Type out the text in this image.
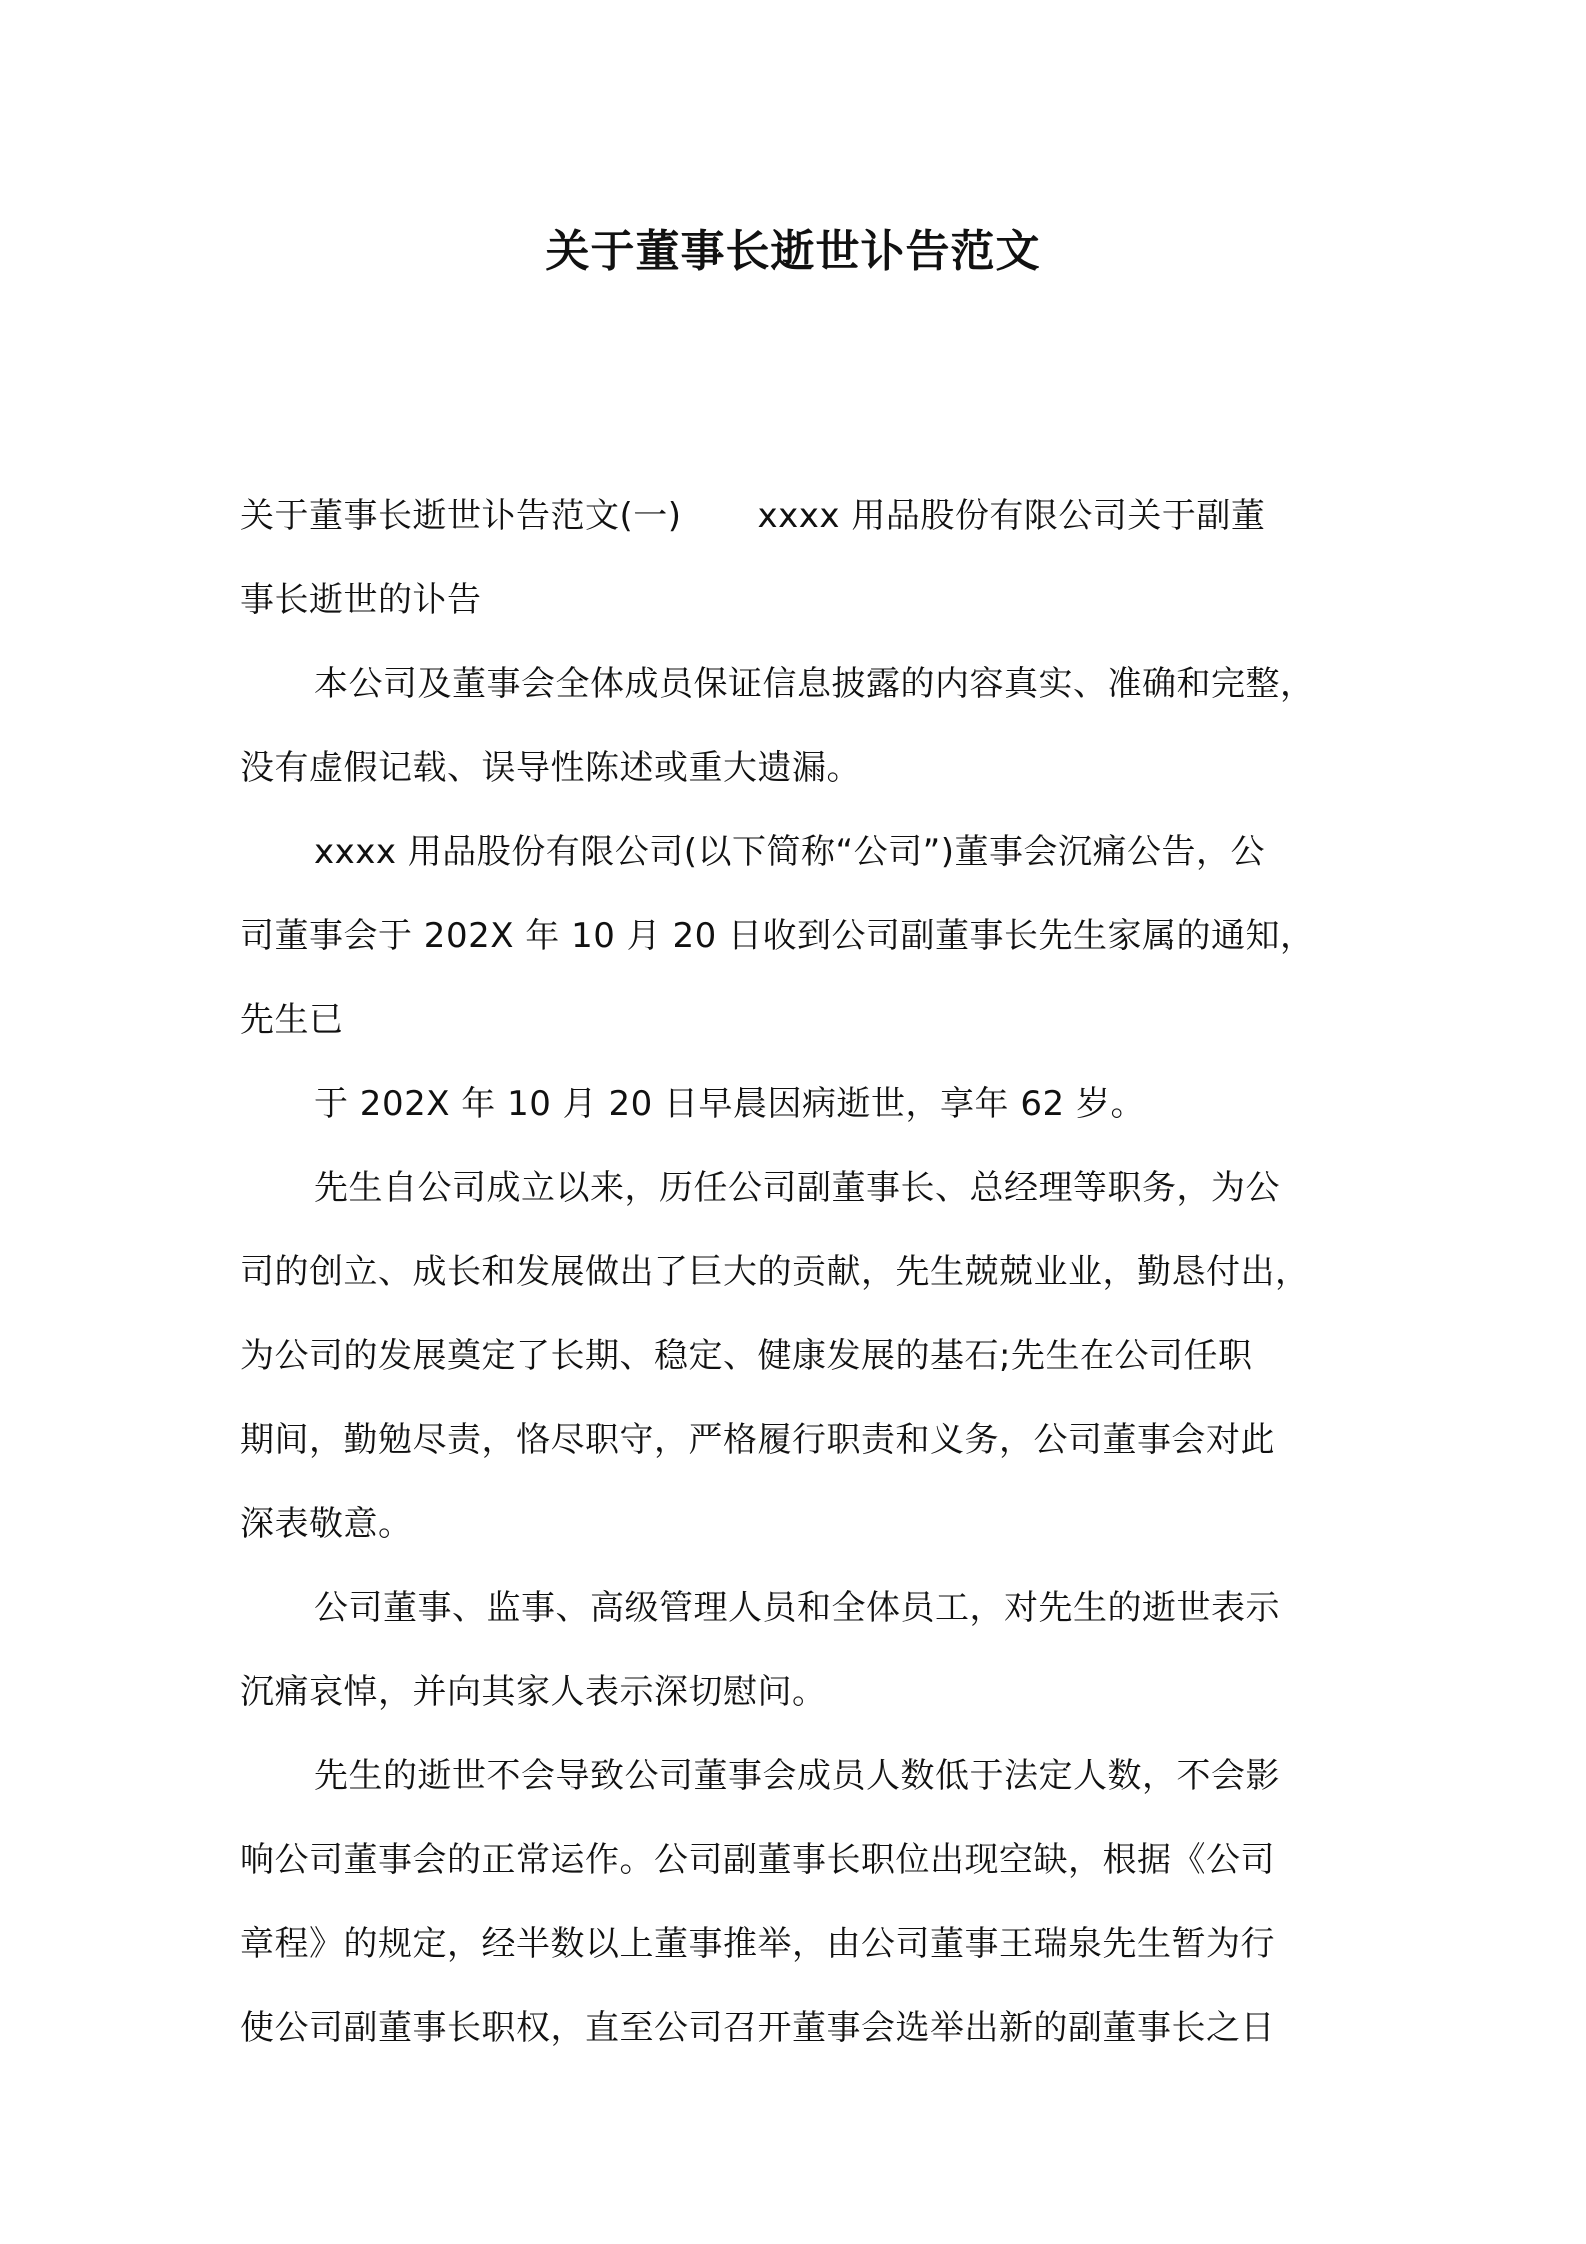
关于董事长逝世讣告范文
关于董事长逝世讣告范文(一) xxxx 用品股份有限公司关于副董
事长逝世的讣告
本公司及董事会全体成员保证信息披露的内容真实、准确和完整，
没有虚假记载、误导性陈述或重大遗漏。
xxxx 用品股份有限公司(以下简称“公司”)董事会沉痛公告，公
司董事会于 202X 年 10 月 20 日收到公司副董事长先生家属的通知，
先生已
于 202X 年 10 月 20 日早晨因病逝世，享年 62 岁。
先生自公司成立以来，历任公司副董事长、总经理等职务，为公
司的创立、成长和发展做出了巨大的贡献，先生兢兢业业，勤恳付出，
为公司的发展奠定了长期、稳定、健康发展的基石;先生在公司任职
期间，勤勉尽责，恪尽职守，严格履行职责和义务，公司董事会对此
深表敬意。
公司董事、监事、高级管理人员和全体员工，对先生的逝世表示
沉痛哀悼，并向其家人表示深切慰问。
先生的逝世不会导致公司董事会成员人数低于法定人数，不会影
响公司董事会的正常运作。公司副董事长职位出现空缺，根据《公司
章程》的规定，经半数以上董事推举，由公司董事王瑞泉先生暂为行
使公司副董事长职权，直至公司召开董事会选举出新的副董事长之日
